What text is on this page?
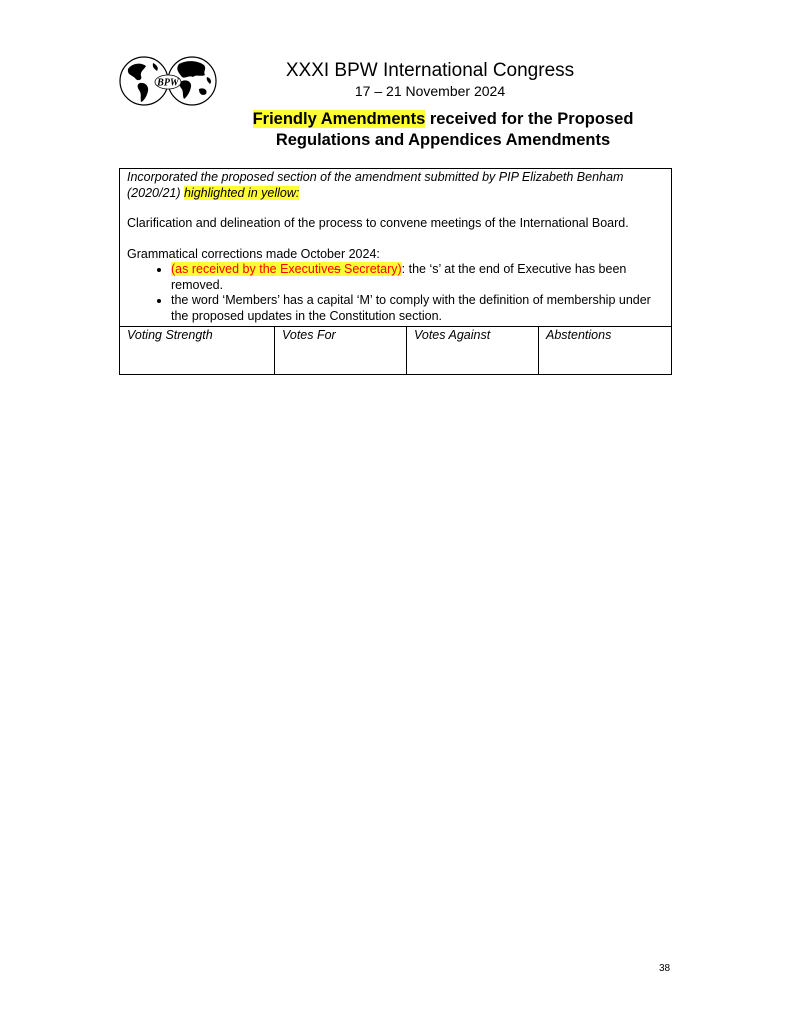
BPW
XXXI BPW International Congress
17 – 21 November 2024
Friendly Amendments received for the Proposed
Regulations and Appendices Amendments
Incorporated the proposed section of the amendment submitted by PIP Elizabeth Benham (2020/21) highlighted in yellow:
Clarification and delineation of the process to convene meetings of the International Board.
Grammatical corrections made October 2024:
• (as received by the Executives Secretary): the ‘s’ at the end of Executive has been removed.
• the word ‘Members’ has a capital ‘M’ to comply with the definition of membership under the proposed updates in the Constitution section.

Voting Strength	Votes For	Votes Against	Abstentions
38
